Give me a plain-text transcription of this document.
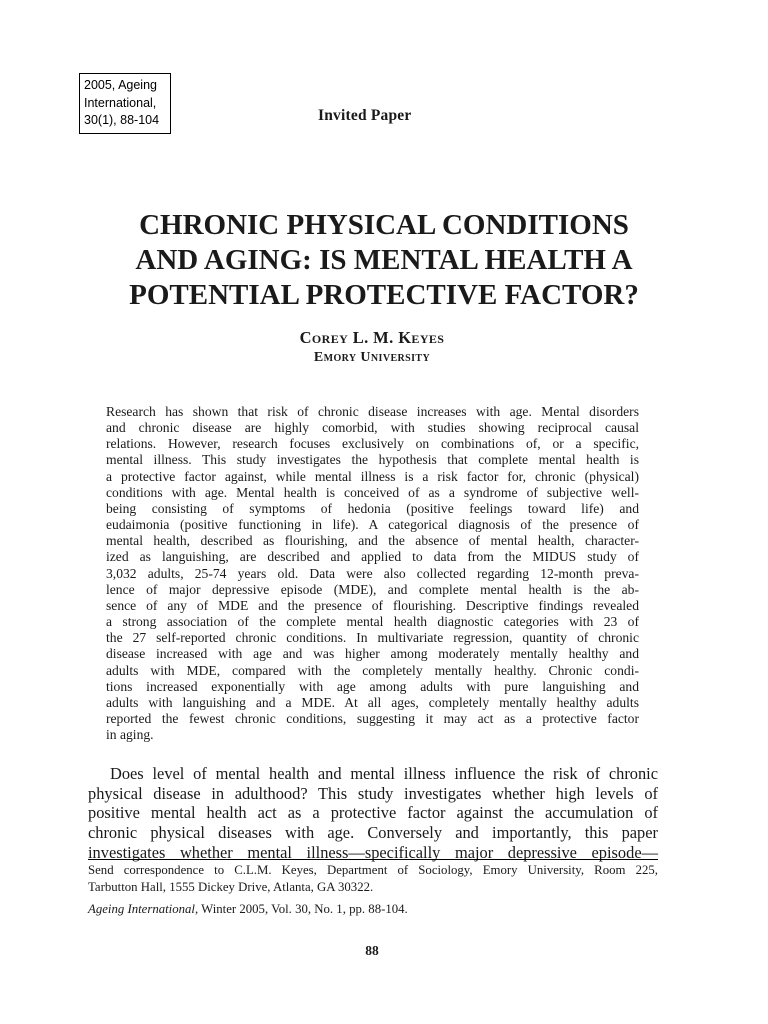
2005, Ageing
International,
30(1), 88-104	Invited Paper
CHRONIC PHYSICAL CONDITIONS
AND AGING: IS MENTAL HEALTH A
POTENTIAL PROTECTIVE FACTOR?
Corey L. M. Keyes
Emory University
Research has shown that risk of chronic disease increases with age. Mental disorders
and chronic disease are highly comorbid, with studies showing reciprocal causal
relations. However, research focuses exclusively on combinations of, or a specific,
mental illness. This study investigates the hypothesis that complete mental health is
a protective factor against, while mental illness is a risk factor for, chronic (physical)
conditions with age. Mental health is conceived of as a syndrome of subjective well-
being consisting of symptoms of hedonia (positive feelings toward life) and
eudaimonia (positive functioning in life). A categorical diagnosis of the presence of
mental health, described as flourishing, and the absence of mental health, character-
ized as languishing, are described and applied to data from the MIDUS study of
3,032 adults, 25-74 years old. Data were also collected regarding 12-month preva-
lence of major depressive episode (MDE), and complete mental health is the ab-
sence of any of MDE and the presence of flourishing. Descriptive findings revealed
a strong association of the complete mental health diagnostic categories with 23 of
the 27 self-reported chronic conditions. In multivariate regression, quantity of chronic
disease increased with age and was higher among moderately mentally healthy and
adults with MDE, compared with the completely mentally healthy. Chronic condi-
tions increased exponentially with age among adults with pure languishing and
adults with languishing and a MDE. At all ages, completely mentally healthy adults
reported the fewest chronic conditions, suggesting it may act as a protective factor
in aging.
Does level of mental health and mental illness influence the risk of chronic
physical disease in adulthood? This study investigates whether high levels of
positive mental health act as a protective factor against the accumulation of
chronic physical diseases with age. Conversely and importantly, this paper
investigates whether mental illness—specifically major depressive episode—
Send correspondence to C.L.M. Keyes, Department of Sociology, Emory University, Room 225,
Tarbutton Hall, 1555 Dickey Drive, Atlanta, GA 30322.
Ageing International, Winter 2005, Vol. 30, No. 1, pp. 88-104.
88
